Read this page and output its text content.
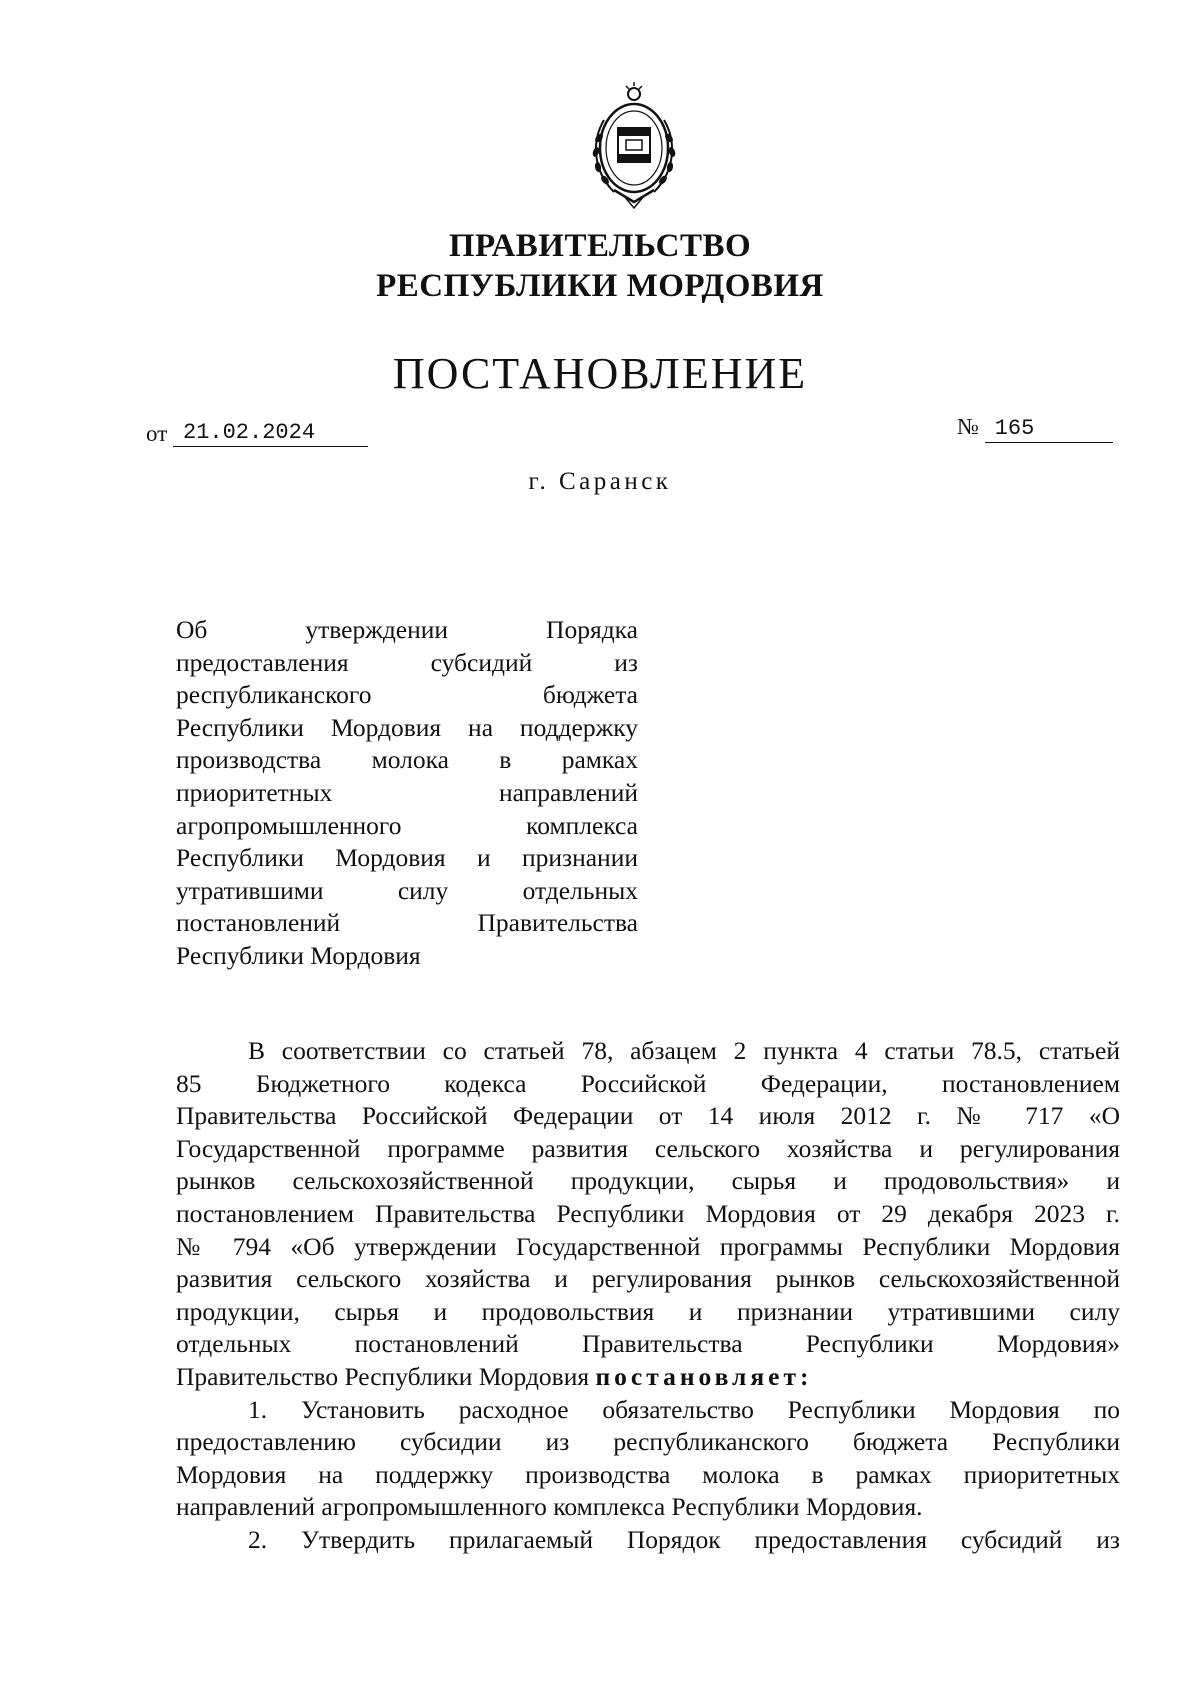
ПРАВИТЕЛЬСТВО
РЕСПУБЛИКИ МОРДОВИЯ
ПОСТАНОВЛЕНИЕ
от 21.02.2024	№ 165
г. Саранск
Об утверждении Порядка
предоставления субсидий из
республиканского бюджета
Республики Мордовия на поддержку
производства молока в рамках
приоритетных направлений
агропромышленного комплекса
Республики Мордовия и признании
утратившими силу отдельных
постановлений Правительства
Республики Мордовия
В соответствии со статьей 78, абзацем 2 пункта 4 статьи 78.5, статьей
85 Бюджетного кодекса Российской Федерации, постановлением
Правительства Российской Федерации от 14 июля 2012 г. № 717 «О
Государственной программе развития сельского хозяйства и регулирования
рынков сельскохозяйственной продукции, сырья и продовольствия» и
постановлением Правительства Республики Мордовия от 29 декабря 2023 г.
№ 794 «Об утверждении Государственной программы Республики Мордовия
развития сельского хозяйства и регулирования рынков сельскохозяйственной
продукции, сырья и продовольствия и признании утратившими силу
отдельных постановлений Правительства Республики Мордовия»
Правительство Республики Мордовия постановляет:
1. Установить расходное обязательство Республики Мордовия по
предоставлению субсидии из республиканского бюджета Республики
Мордовия на поддержку производства молока в рамках приоритетных
направлений агропромышленного комплекса Республики Мордовия.
2. Утвердить прилагаемый Порядок предоставления субсидий из
